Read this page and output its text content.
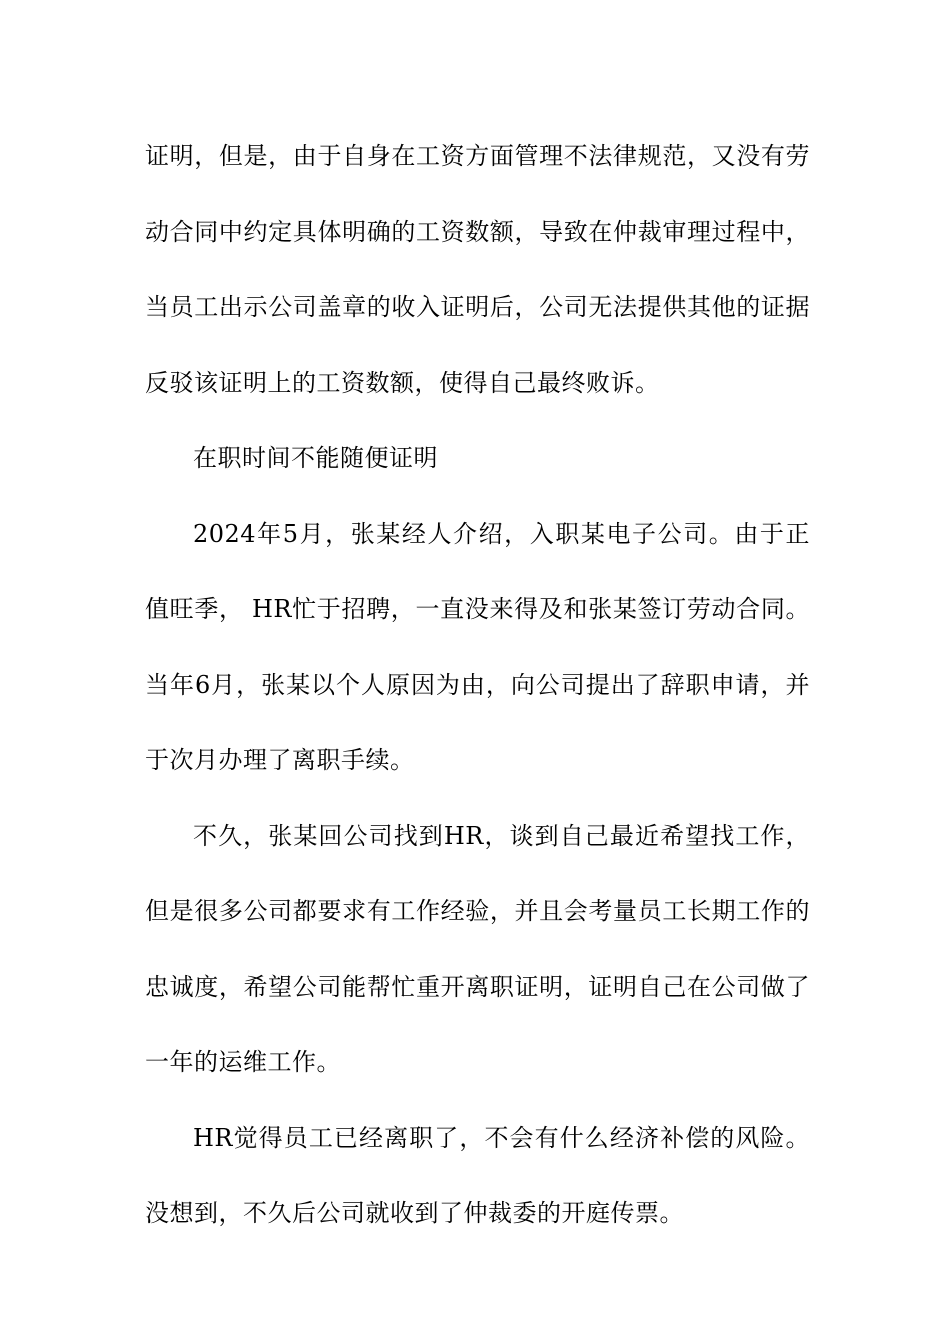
证明，但是，由于自身在工资方面管理不法律规范，又没有劳动合同中约定具体明确的工资数额，导致在仲裁审理过程中，当员工出示公司盖章的收入证明后，公司无法提供其他的证据反驳该证明上的工资数额，使得自己最终败诉。

在职时间不能随便证明

2024年5月，张某经人介绍，入职某电子公司。由于正值旺季， HR忙于招聘，一直没来得及和张某签订劳动合同。当年6月，张某以个人原因为由，向公司提出了辞职申请，并于次月办理了离职手续。

不久，张某回公司找到HR，谈到自己最近希望找工作，但是很多公司都要求有工作经验，并且会考量员工长期工作的忠诚度，希望公司能帮忙重开离职证明，证明自己在公司做了一年的运维工作。

HR觉得员工已经离职了，不会有什么经济补偿的风险。没想到，不久后公司就收到了仲裁委的开庭传票。
